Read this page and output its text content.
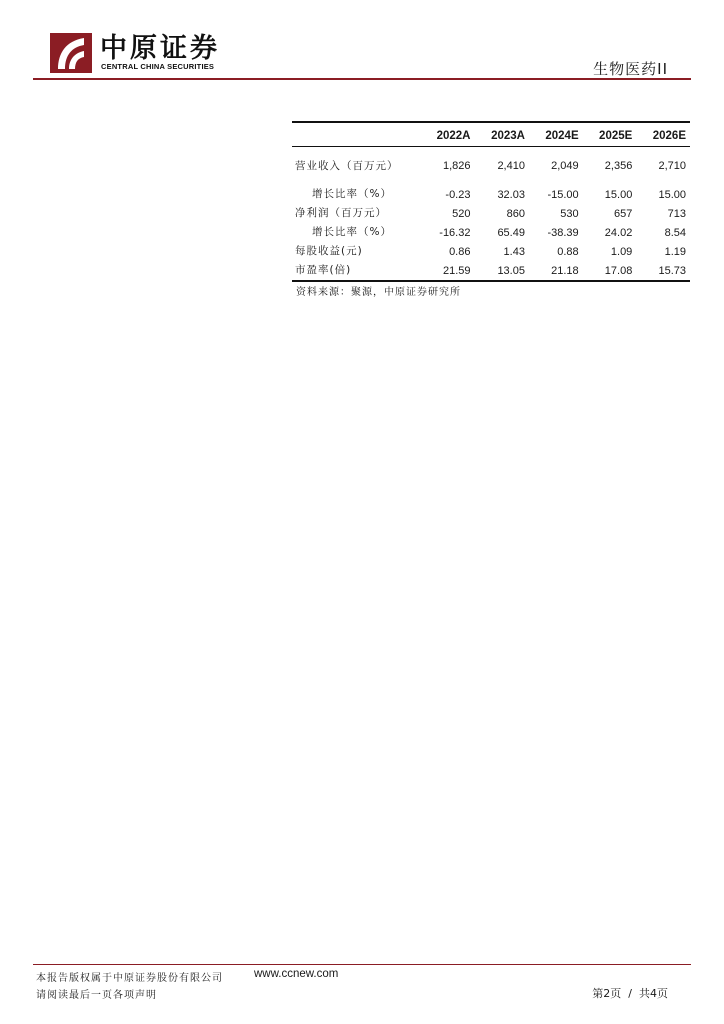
中原证券
CENTRAL CHINA SECURITIES	生物医药II
	2022A	2023A	2024E	2025E	2026E
营业收入（百万元）	1,826	2,410	2,049	2,356	2,710
增长比率（%）	-0.23	32.03	-15.00	15.00	15.00
净利润（百万元）	520	860	530	657	713
增长比率（%）	-16.32	65.49	-38.39	24.02	8.54
每股收益(元)	0.86	1.43	0.88	1.09	1.19
市盈率(倍)	21.59	13.05	21.18	17.08	15.73
资料来源：聚源，中原证券研究所
本报告版权属于中原证券股份有限公司	www.ccnew.com
请阅读最后一页各项声明	第2页  /  共4页
